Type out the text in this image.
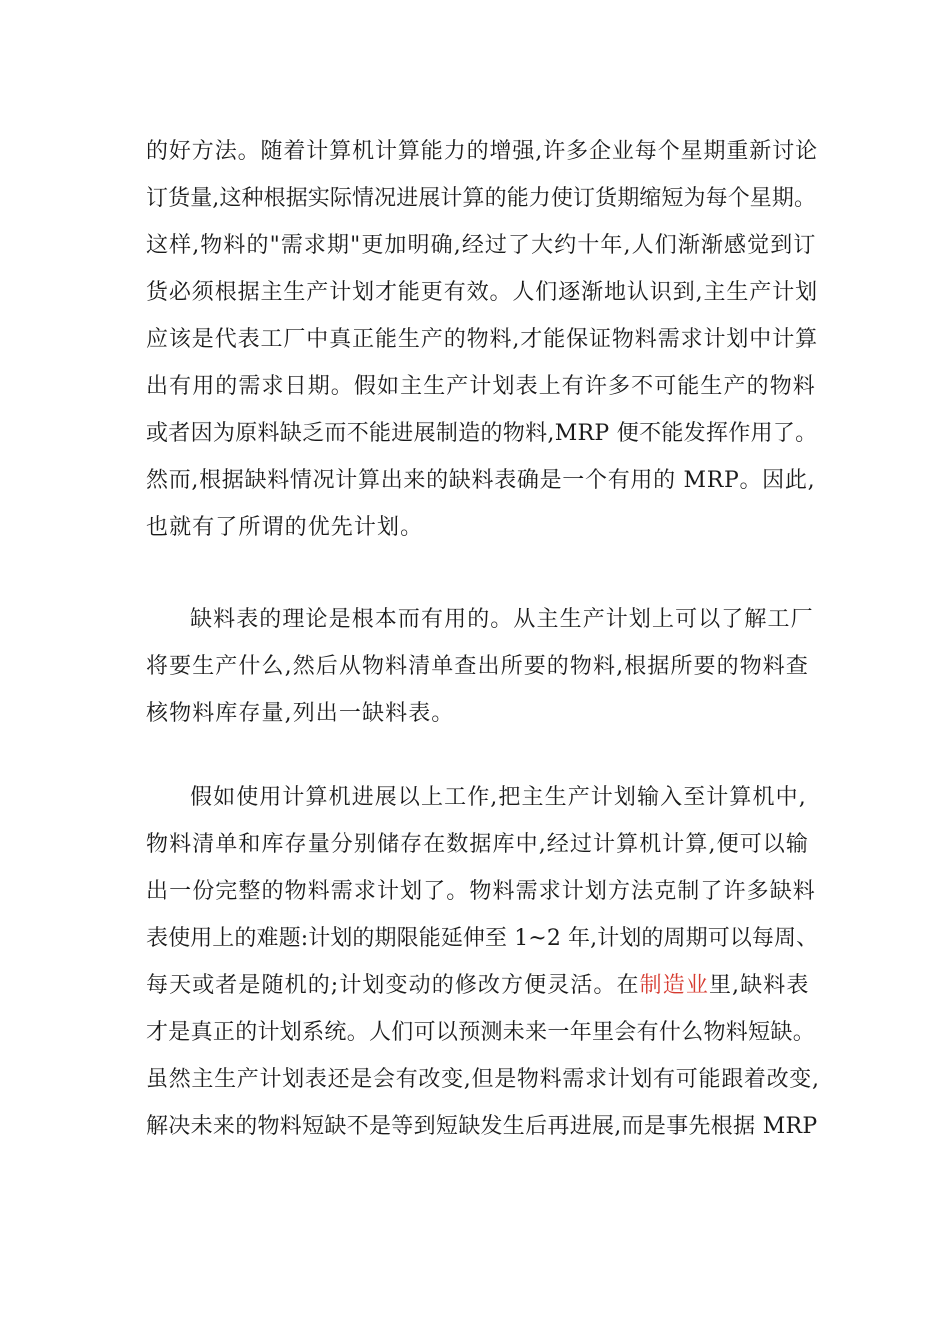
的好方法。随着计算机计算能力的增强,许多企业每个星期重新讨论
订货量,这种根据实际情况进展计算的能力使订货期缩短为每个星期。
这样,物料的"需求期"更加明确,经过了大约十年,人们渐渐感觉到订
货必须根据主生产计划才能更有效。人们逐渐地认识到,主生产计划
应该是代表工厂中真正能生产的物料,才能保证物料需求计划中计算
出有用的需求日期。假如主生产计划表上有许多不可能生产的物料
或者因为原料缺乏而不能进展制造的物料,MRP 便不能发挥作用了。
然而,根据缺料情况计算出来的缺料表确是一个有用的 MRP。因此,
也就有了所谓的优先计划。
缺料表的理论是根本而有用的。从主生产计划上可以了解工厂
将要生产什么,然后从物料清单查出所要的物料,根据所要的物料查
核物料库存量,列出一缺料表。
假如使用计算机进展以上工作,把主生产计划输入至计算机中,
物料清单和库存量分别储存在数据库中,经过计算机计算,便可以输
出一份完整的物料需求计划了。物料需求计划方法克制了许多缺料
表使用上的难题:计划的期限能延伸至 1~2 年,计划的周期可以每周、
每天或者是随机的;计划变动的修改方便灵活。在制造业里,缺料表
才是真正的计划系统。人们可以预测未来一年里会有什么物料短缺。
虽然主生产计划表还是会有改变,但是物料需求计划有可能跟着改变,
解决未来的物料短缺不是等到短缺发生后再进展,而是事先根据 MRP
